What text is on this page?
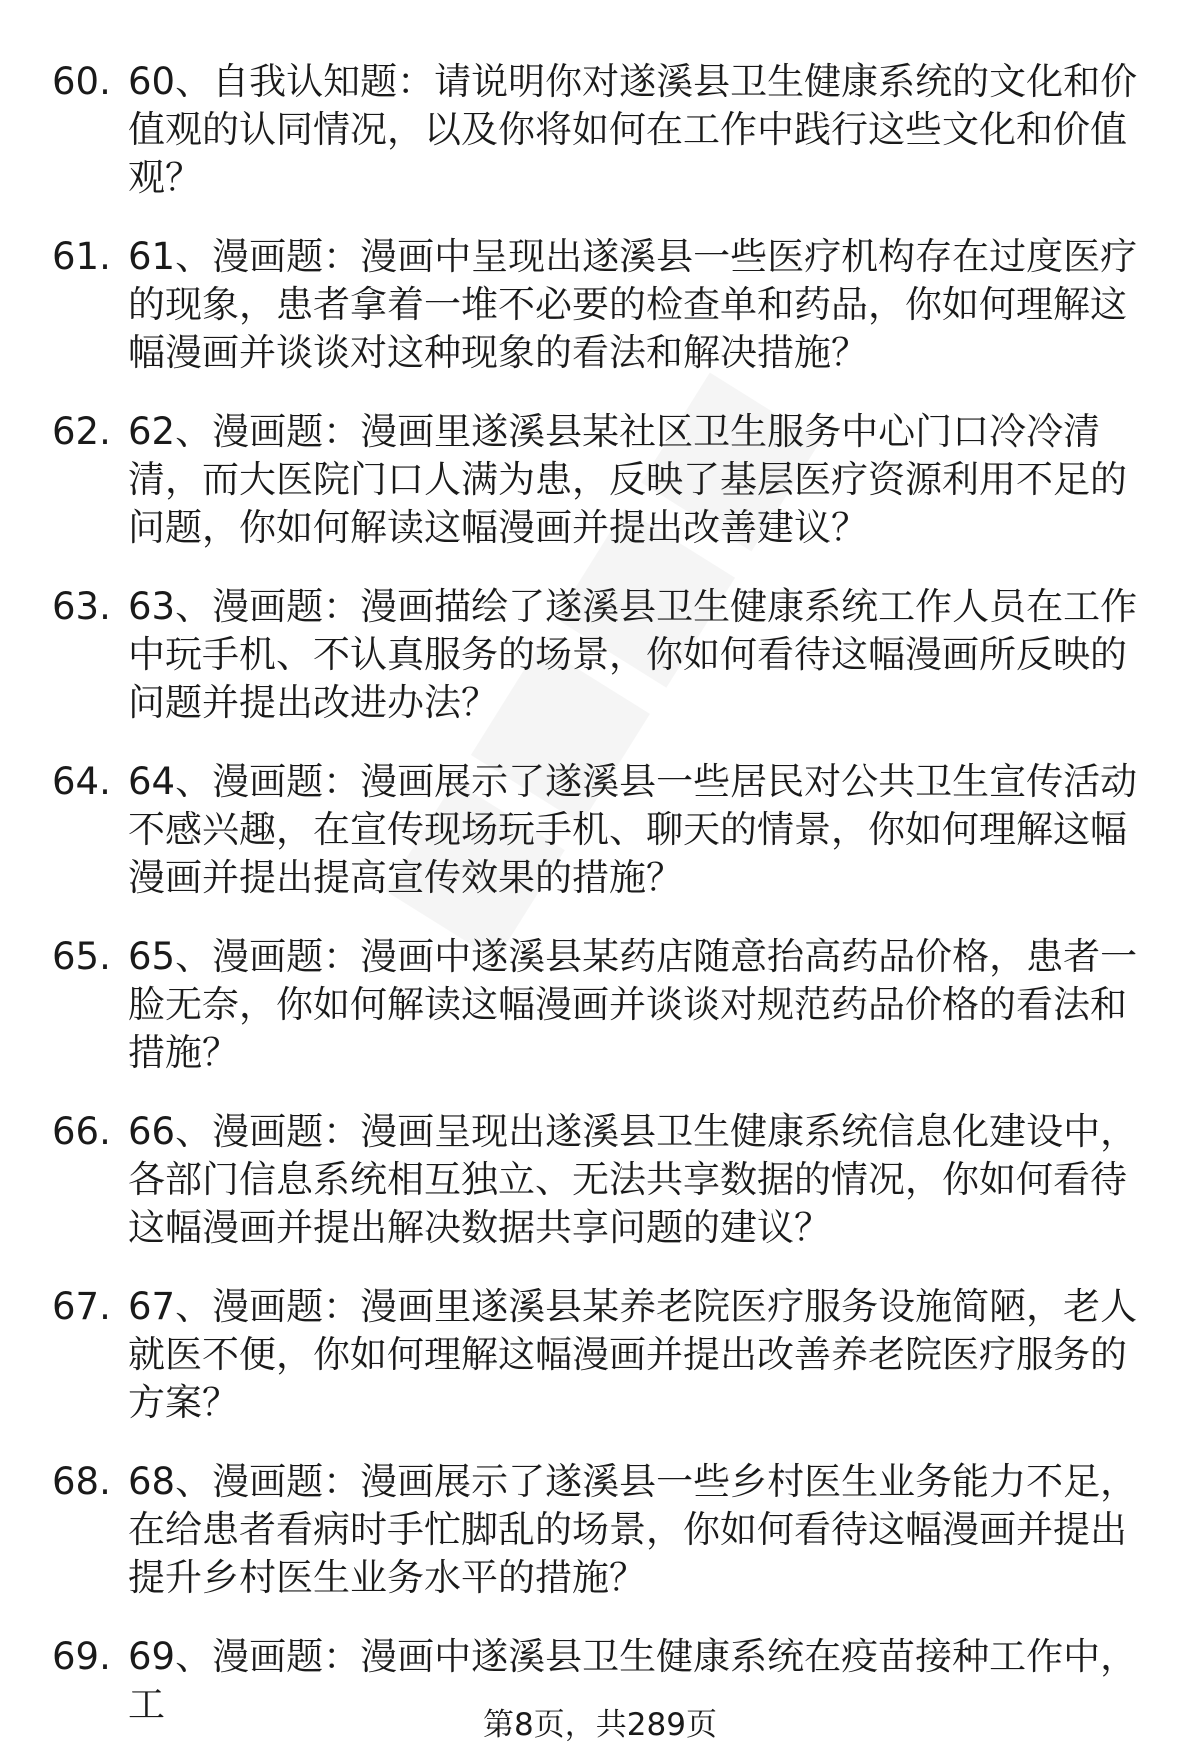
60. 60、自我认知题：请说明你对遂溪县卫生健康系统的文化和价值观的认同情况，以及你将如何在工作中践行这些文化和价值观？
61. 61、漫画题：漫画中呈现出遂溪县一些医疗机构存在过度医疗的现象，患者拿着一堆不必要的检查单和药品，你如何理解这幅漫画并谈谈对这种现象的看法和解决措施？
62. 62、漫画题：漫画里遂溪县某社区卫生服务中心门口冷冷清清，而大医院门口人满为患，反映了基层医疗资源利用不足的问题，你如何解读这幅漫画并提出改善建议？
63. 63、漫画题：漫画描绘了遂溪县卫生健康系统工作人员在工作中玩手机、不认真服务的场景，你如何看待这幅漫画所反映的问题并提出改进办法？
64. 64、漫画题：漫画展示了遂溪县一些居民对公共卫生宣传活动不感兴趣，在宣传现场玩手机、聊天的情景，你如何理解这幅漫画并提出提高宣传效果的措施？
65. 65、漫画题：漫画中遂溪县某药店随意抬高药品价格，患者一脸无奈，你如何解读这幅漫画并谈谈对规范药品价格的看法和措施？
66. 66、漫画题：漫画呈现出遂溪县卫生健康系统信息化建设中，各部门信息系统相互独立、无法共享数据的情况，你如何看待这幅漫画并提出解决数据共享问题的建议？
67. 67、漫画题：漫画里遂溪县某养老院医疗服务设施简陋，老人就医不便，你如何理解这幅漫画并提出改善养老院医疗服务的方案？
68. 68、漫画题：漫画展示了遂溪县一些乡村医生业务能力不足，在给患者看病时手忙脚乱的场景，你如何看待这幅漫画并提出提升乡村医生业务水平的措施？
69. 69、漫画题：漫画中遂溪县卫生健康系统在疫苗接种工作中，工	第8页，共289页
